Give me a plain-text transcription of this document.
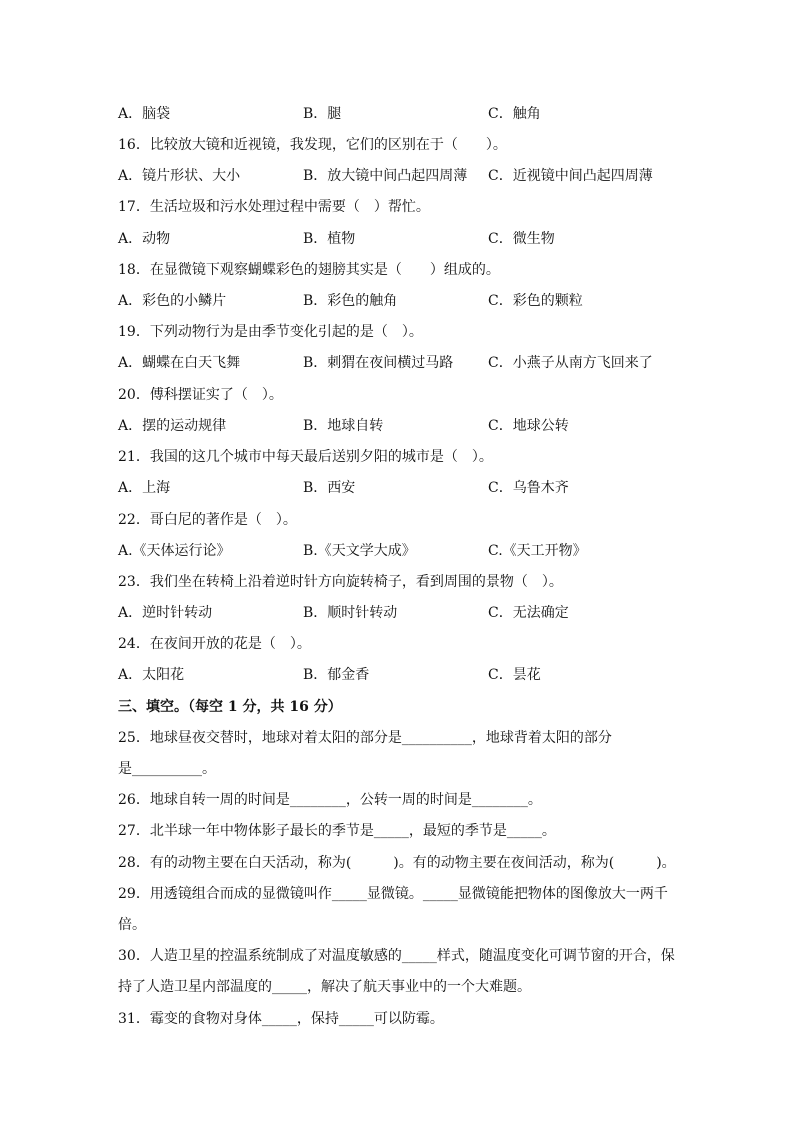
A．脑袋	B．腿	C．触角
16．比较放大镜和近视镜，我发现，它们的区别在于（　　）。
A．镜片形状、大小	B．放大镜中间凸起四周薄 C．近视镜中间凸起四周薄
17．生活垃圾和污水处理过程中需要（　）帮忙。
A．动物	B．植物	C．微生物
18．在显微镜下观察蝴蝶彩色的翅膀其实是（　　）组成的。
A．彩色的小鳞片	B．彩色的触角	C．彩色的颗粒
19．下列动物行为是由季节变化引起的是（　）。
A．蝴蝶在白天飞舞	B．刺猬在夜间横过马路 C．小燕子从南方飞回来了
20．傅科摆证实了（　）。
A．摆的运动规律	B．地球自转	C．地球公转
21．我国的这几个城市中每天最后送别夕阳的城市是（　）。
A．上海	B．西安	C．乌鲁木齐
22．哥白尼的著作是（　）。
A.《天体运行论》	B.《天文学大成》	C.《天工开物》
23．我们坐在转椅上沿着逆时针方向旋转椅子，看到周围的景物（　）。
A．逆时针转动	B．顺时针转动	C．无法确定
24．在夜间开放的花是（　）。
A．太阳花	B．郁金香	C．昙花
三、填空。（每空 1 分，共 16 分）
25．地球昼夜交替时，地球对着太阳的部分是__________，地球背着太阳的部分
是__________。
26．地球自转一周的时间是________，公转一周的时间是________。
27．北半球一年中物体影子最长的季节是_____，最短的季节是_____。
28．有的动物主要在白天活动，称为(　　　)。有的动物主要在夜间活动，称为(　　　)。
29．用透镜组合而成的显微镜叫作_____显微镜。_____显微镜能把物体的图像放大一两千
倍。
30．人造卫星的控温系统制成了对温度敏感的_____样式，随温度变化可调节窗的开合，保
持了人造卫星内部温度的_____，解决了航天事业中的一个大难题。
31．霉变的食物对身体_____，保持_____可以防霉。
